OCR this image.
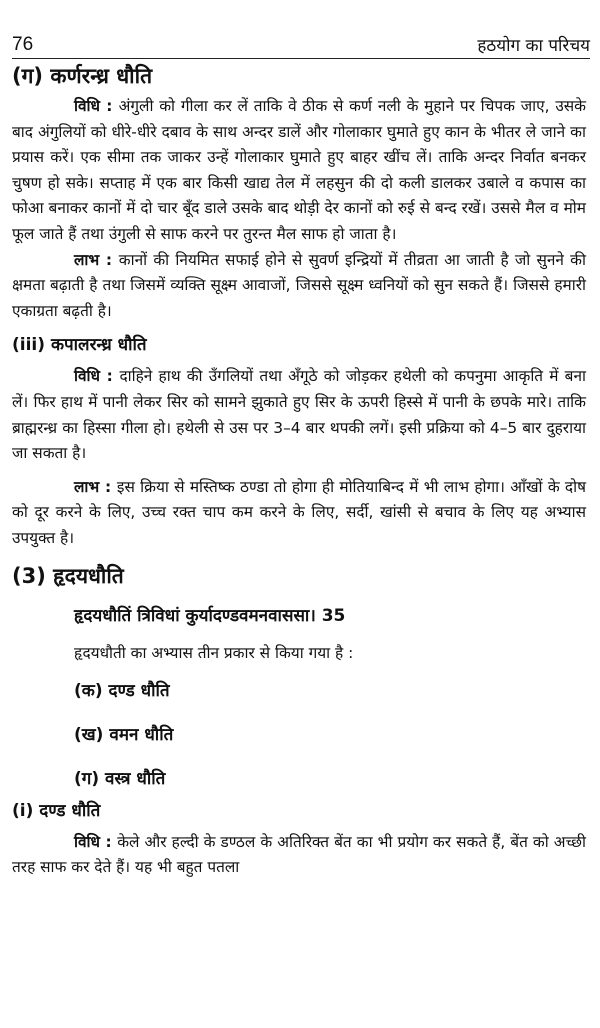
76	हठयोग का परिचय
(ग) कर्णरन्ध्र धौति

विधि : अंगुली को गीला कर लें ताकि वे ठीक से कर्ण नली के मुहाने पर चिपक जाए, उसके बाद अंगुलियों को धीरे-धीरे दबाव के साथ अन्दर डालें और गोलाकार घुमाते हुए कान के भीतर ले जाने का प्रयास करें। एक सीमा तक जाकर उन्हें गोलाकार घुमाते हुए बाहर खींच लें। ताकि अन्दर निर्वात बनकर चुषण हो सके। सप्ताह में एक बार किसी खाद्य तेल में लहसुन की दो कली डालकर उबाले व कपास का फोआ बनाकर कानों में दो चार बूँद डाले उसके बाद थोड़ी देर कानों को रुई से बन्द रखें। उससे मैल व मोम फूल जाते हैं तथा उंगुली से साफ करने पर तुरन्त मैल साफ हो जाता है।

लाभ : कानों की नियमित सफाई होने से सुवर्ण इन्द्रियों में तीव्रता आ जाती है जो सुनने की क्षमता बढ़ाती है तथा जिसमें व्यक्ति सूक्ष्म आवाजों, जिससे सूक्ष्म ध्वनियों को सुन सकते हैं। जिससे हमारी एकाग्रता बढ़ती है।

(iii) कपालरन्ध्र धौति

विधि : दाहिने हाथ की उँगलियों तथा अँगूठे को जोड़कर हथेली को कपनुमा आकृति में बना लें। फिर हाथ में पानी लेकर सिर को सामने झुकाते हुए सिर के ऊपरी हिस्से में पानी के छपके मारे। ताकि ब्राह्मरन्ध्र का हिस्सा गीला हो। हथेली से उस पर 3–4 बार थपकी लगें। इसी प्रक्रिया को 4–5 बार दुहराया जा सकता है।

लाभ : इस क्रिया से मस्तिष्क ठण्डा तो होगा ही मोतियाबिन्द में भी लाभ होगा। आँखों के दोष को दूर करने के लिए, उच्च रक्त चाप कम करने के लिए, सर्दी, खांसी से बचाव के लिए यह अभ्यास उपयुक्त है।

(3) हृदयधौति
हृदयधौतिं त्रिविधां कुर्यादण्डवमनवाससा। 35
हृदयधौती का अभ्यास तीन प्रकार से किया गया है :
(क) दण्ड धौति
(ख) वमन धौति
(ग) वस्त्र धौति
(i) दण्ड धौति

विधि : केले और हल्दी के डण्ठल के अतिरिक्त बेंत का भी प्रयोग कर सकते हैं, बेंत को अच्छी तरह साफ कर देते हैं। यह भी बहुत पतला
